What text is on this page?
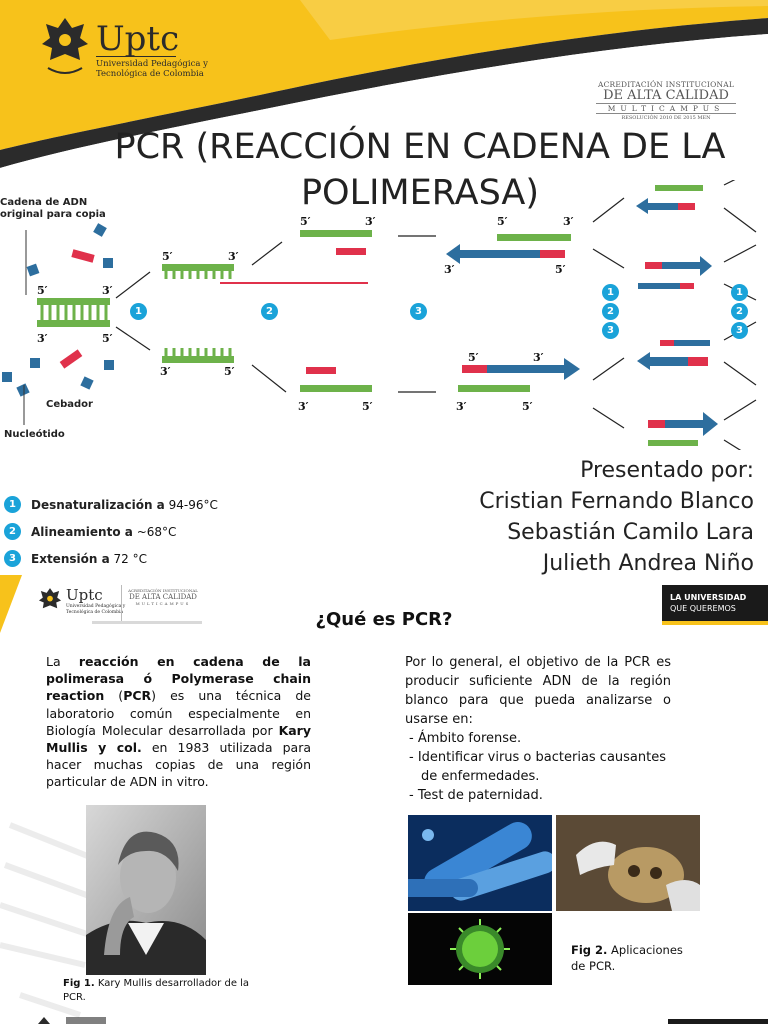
Uptc
Universidad Pedagógica y
Tecnológica de Colombia
ACREDITACIÓN INSTITUCIONAL
DE ALTA CALIDAD
MULTICAMPUS
RESOLUCIÓN 2010 DE 2015 MEN
PCR (REACCIÓN EN CADENA DE LA
POLIMERASA)
Cadena de ADN
original para copia
Cebador
Nucleótido
5′	3′
3′	5′
5′	3′
3′	5′
5′	3′
3′	5′
5′	3′
3′	5′
5′	3′
3′	5′
1	2	3
1
2
3
1
2
3
Presentado por:
Cristian Fernando Blanco
Sebastián Camilo Lara
Julieth Andrea Niño
1	Desnaturalización a
94-96°C
2	Alineamiento a
~68°C
3	Extensión a
72 °C
Uptc
Universidad Pedagógica y
Tecnológica de Colombia
ACREDITACIÓN INSTITUCIONAL
DE ALTA CALIDAD
MULTICAMPUS
LA UNIVERSIDAD
QUE QUEREMOS
¿Qué es PCR?
La reacción en cadena de la polimerasa ó Polymerase chain reaction (PCR) es una técnica de laboratorio común especialmente en Biología Molecular desarrollada por Kary Mullis y col. en 1983 utilizada para hacer muchas copias de una región particular de ADN in vitro.

Por lo general, el objetivo de la PCR es producir suficiente ADN de la región blanco para que pueda analizarse o usarse en:

- Ámbito forense.
- Identificar virus o bacterias causantes de enfermedades.
- Test de paternidad.
Fig 1. Kary Mullis desarrollador de la PCR.
Fig 2. Aplicaciones de PCR.
